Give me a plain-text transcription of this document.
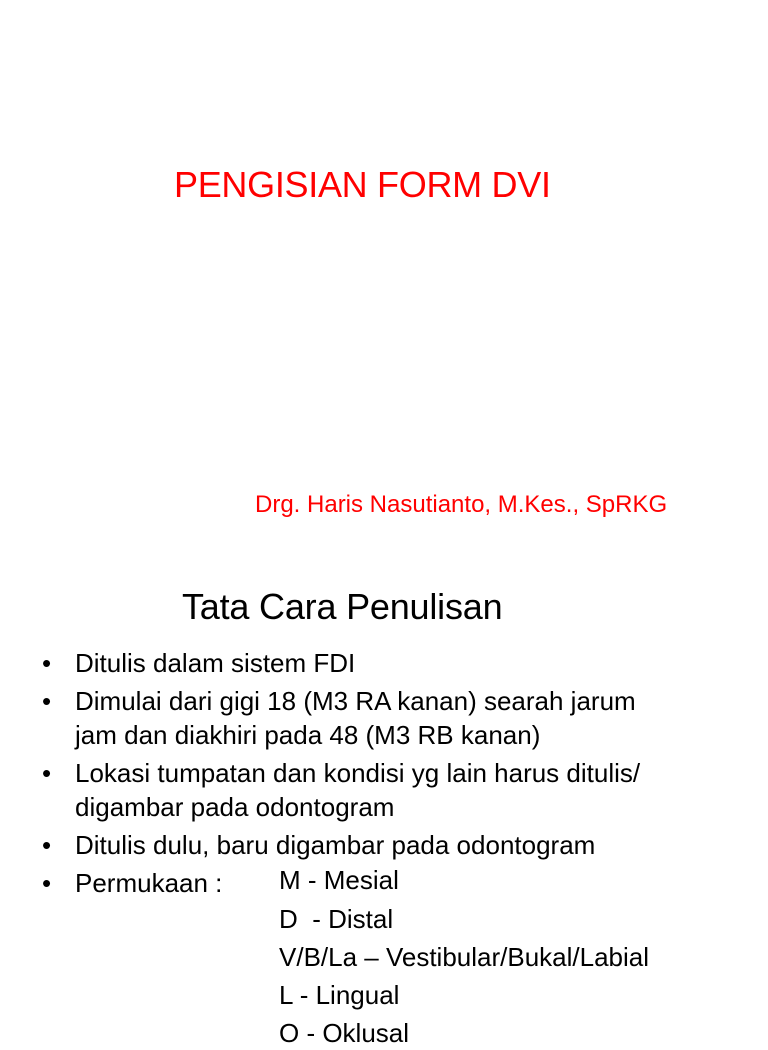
PENGISIAN FORM DVI
Drg. Haris Nasutianto, M.Kes., SpRKG
Tata Cara Penulisan
• Ditulis dalam sistem FDI
• Dimulai dari gigi 18 (M3 RA kanan) searah jarum
jam dan diakhiri pada 48 (M3 RB kanan)
• Lokasi tumpatan dan kondisi yg lain harus ditulis/
digambar pada odontogram
• Ditulis dulu, baru digambar pada odontogram
• Permukaan :	M - Mesial
D  - Distal
V/B/La – Vestibular/Bukal/Labial
L - Lingual
O - Oklusal
